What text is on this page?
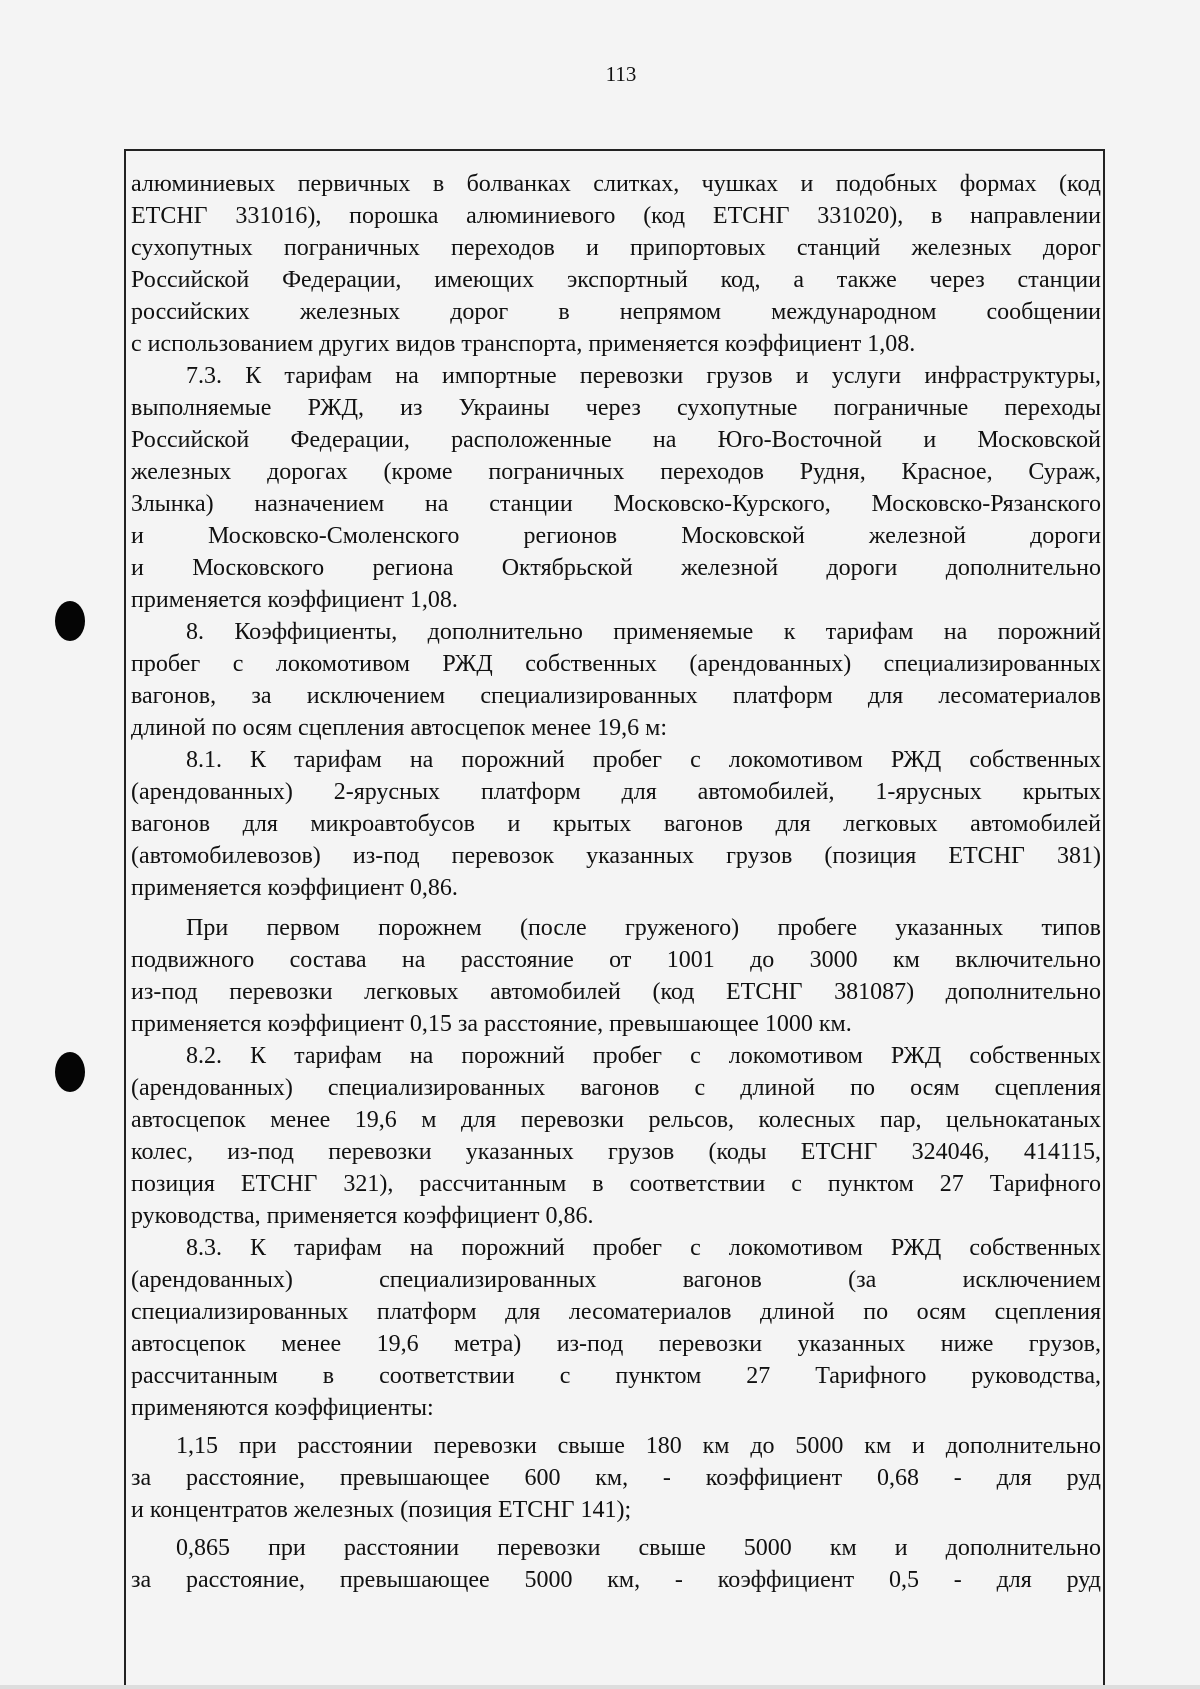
113

алюминиевых первичных в болванках слитках, чушках и подобных формах (код

ЕТСНГ 331016), порошка алюминиевого (код ЕТСНГ 331020), в направлении

сухопутных пограничных переходов и припортовых станций железных дорог

Российской Федерации, имеющих экспортный код, а также через станции

российских железных дорог в непрямом международном сообщении

с использованием других видов транспорта, применяется коэффициент 1,08.

7.3. К тарифам на импортные перевозки грузов и услуги инфраструктуры,

выполняемые РЖД, из Украины через сухопутные пограничные переходы

Российской Федерации, расположенные на Юго-Восточной и Московской

железных дорогах (кроме пограничных переходов Рудня, Красное, Сураж,

Злынка) назначением на станции Московско-Курского, Московско-Рязанского

и Московско-Смоленского регионов Московской железной дороги

и Московского региона Октябрьской железной дороги дополнительно

применяется коэффициент 1,08.

8. Коэффициенты, дополнительно применяемые к тарифам на порожний

пробег с локомотивом РЖД собственных (арендованных) специализированных

вагонов, за исключением специализированных платформ для лесоматериалов

длиной по осям сцепления автосцепок менее 19,6 м:

8.1. К тарифам на порожний пробег с локомотивом РЖД собственных

(арендованных) 2-ярусных платформ для автомобилей, 1-ярусных крытых

вагонов для микроавтобусов и крытых вагонов для легковых автомобилей

(автомобилевозов) из-под перевозок указанных грузов (позиция ЕТСНГ 381)

применяется коэффициент 0,86.

При первом порожнем (после груженого) пробеге указанных типов

подвижного состава на расстояние от 1001 до 3000 км включительно

из-под перевозки легковых автомобилей (код ЕТСНГ 381087) дополнительно

применяется коэффициент 0,15 за расстояние, превышающее 1000 км.

8.2. К тарифам на порожний пробег с локомотивом РЖД собственных

(арендованных) специализированных вагонов с длиной по осям сцепления

автосцепок менее 19,6 м для перевозки рельсов, колесных пар, цельнокатаных

колес, из-под перевозки указанных грузов (коды ЕТСНГ 324046, 414115,

позиция ЕТСНГ 321), рассчитанным в соответствии с пунктом 27 Тарифного

руководства, применяется коэффициент 0,86.

8.3. К тарифам на порожний пробег с локомотивом РЖД собственных

(арендованных) специализированных вагонов (за исключением

специализированных платформ для лесоматериалов длиной по осям сцепления

автосцепок менее 19,6 метра) из-под перевозки указанных ниже грузов,

рассчитанным в соответствии с пунктом 27 Тарифного руководства,

применяются коэффициенты:

1,15 при расстоянии перевозки свыше 180 км до 5000 км и дополнительно

за расстояние, превышающее 600 км, - коэффициент 0,68 - для руд

и концентратов железных (позиция ЕТСНГ 141);

0,865 при расстоянии перевозки свыше 5000 км и дополнительно

за расстояние, превышающее 5000 км, - коэффициент 0,5 - для руд
